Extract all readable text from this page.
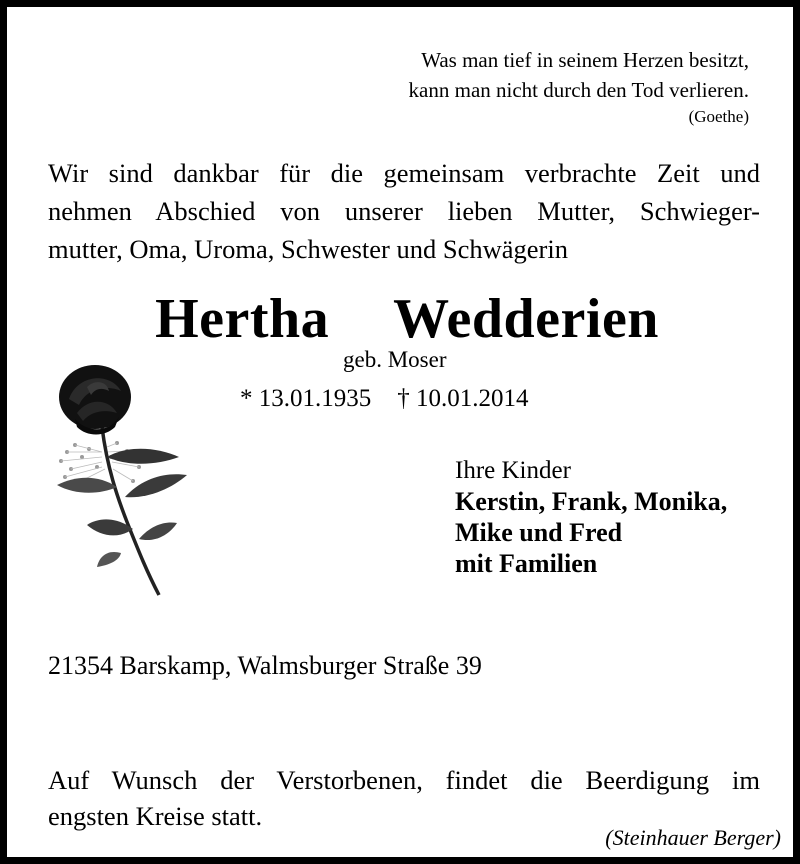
Was man tief in seinem Herzen besitzt,
kann man nicht durch den Tod verlieren.
(Goethe)
Wir sind dankbar für die gemeinsam verbrachte Zeit und
nehmen Abschied von unserer lieben Mutter, Schwieger-
mutter, Oma, Uroma, Schwester und Schwägerin
Hertha  Wedderien
geb. Moser
* 13.01.1935 † 10.01.2014
Ihre Kinder
Kerstin, Frank, Monika,
Mike und Fred
mit Familien
21354 Barskamp, Walmsburger Straße 39
Auf Wunsch der Verstorbenen, findet die Beerdigung im
engsten Kreise statt.
(Steinhauer Berger)
